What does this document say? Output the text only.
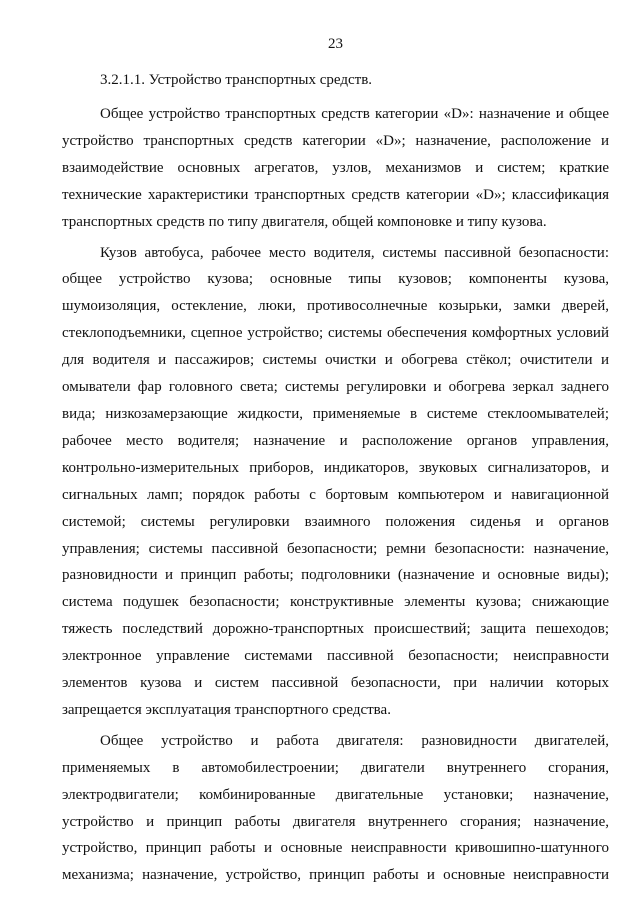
23

3.2.1.1. Устройство транспортных средств.

Общее устройство транспортных средств категории «D»: назначение и общее устройство транспортных средств категории «D»; назначение, расположение и взаимодействие основных агрегатов, узлов, механизмов и систем; краткие технические характеристики транспортных средств категории «D»; классификация транспортных средств по типу двигателя, общей компоновке и типу кузова.

Кузов автобуса, рабочее место водителя, системы пассивной безопасности: общее устройство кузова; основные типы кузовов; компоненты кузова, шумоизоляция, остекление, люки, противосолнечные козырьки, замки дверей, стеклоподъемники, сцепное устройство; системы обеспечения комфортных условий для водителя и пассажиров; системы очистки и обогрева стёкол; очистители и омыватели фар головного света; системы регулировки и обогрева зеркал заднего вида; низкозамерзающие жидкости, применяемые в системе стеклоомывателей; рабочее место водителя; назначение и расположение органов управления, контрольно-измерительных приборов, индикаторов, звуковых сигнализаторов, и сигнальных ламп; порядок работы с бортовым компьютером и навигационной системой; системы регулировки взаимного положения сиденья и органов управления; системы пассивной безопасности; ремни безопасности: назначение, разновидности и принцип работы; подголовники (назначение и основные виды); система подушек безопасности; конструктивные элементы кузова; снижающие тяжесть последствий дорожно-транспортных происшествий; защита пешеходов; электронное управление системами пассивной безопасности; неисправности элементов кузова и систем пассивной безопасности, при наличии которых запрещается эксплуатация транспортного средства.

Общее устройство и работа двигателя: разновидности двигателей, применяемых в автомобилестроении; двигатели внутреннего сгорания, электродвигатели; комбинированные двигательные установки; назначение, устройство и принцип работы двигателя внутреннего сгорания; назначение, устройство, принцип работы и основные неисправности кривошипно-шатунного механизма; назначение, устройство, принцип работы и основные неисправности
